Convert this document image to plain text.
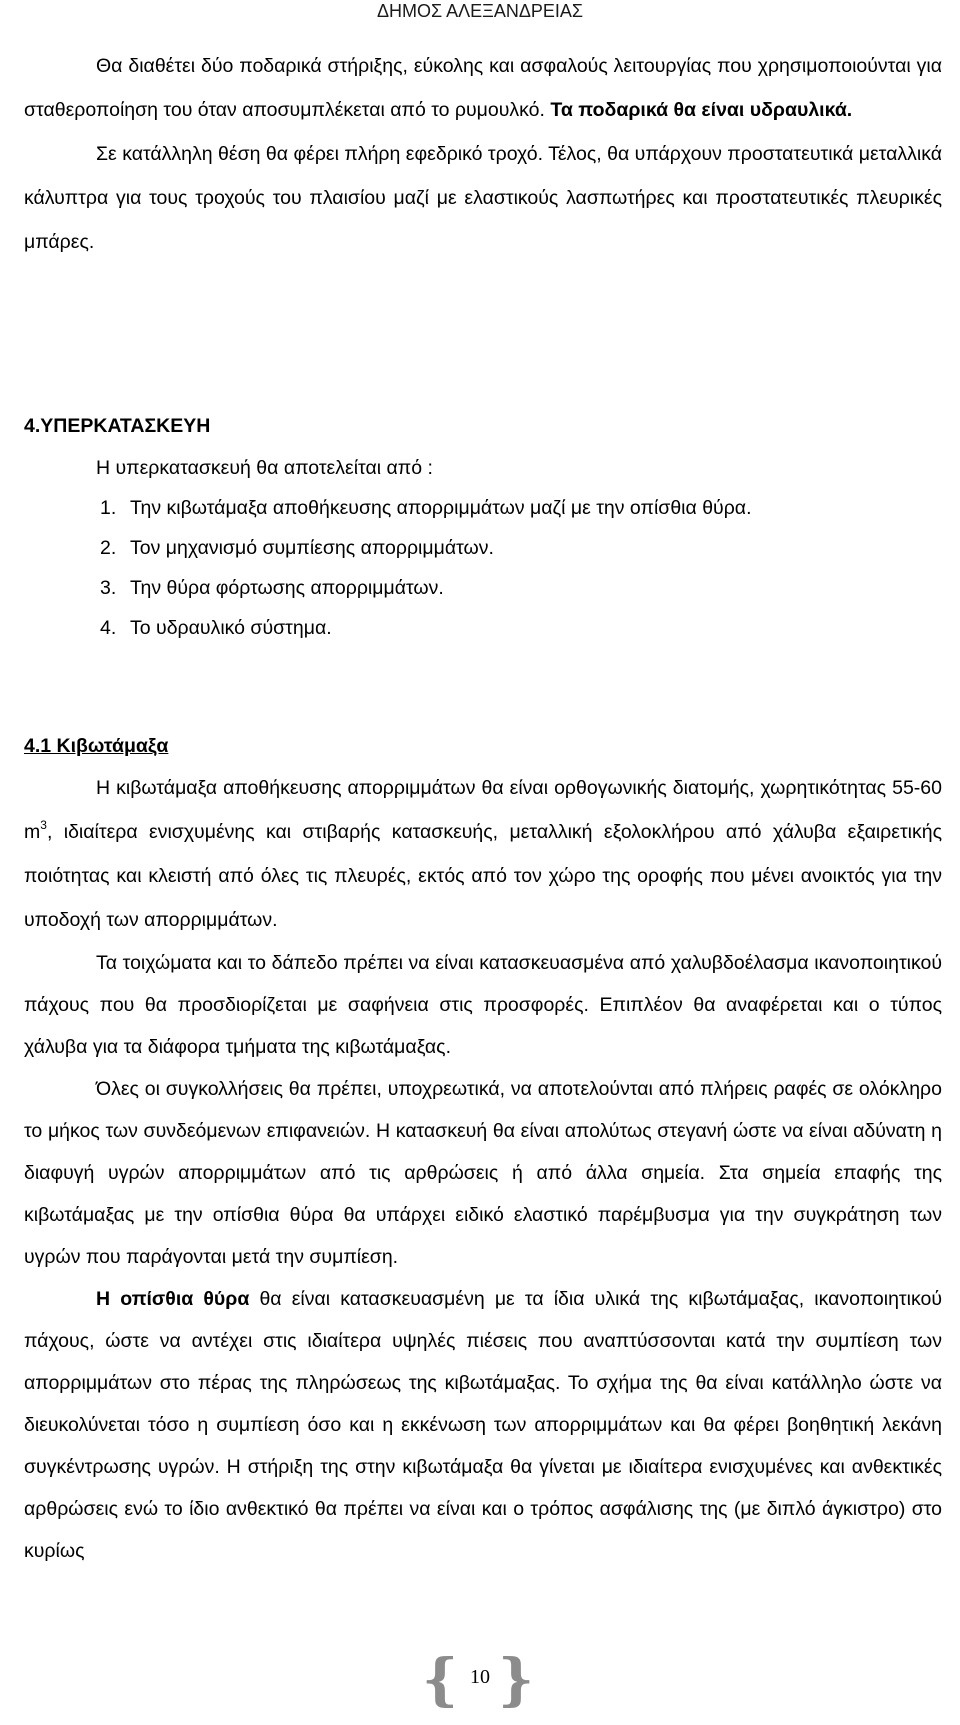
ΔΗΜΟΣ ΑΛΕΞΑΝΔΡΕΙΑΣ

Θα διαθέτει δύο ποδαρικά στήριξης, εύκολης και ασφαλούς λειτουργίας που χρησιμοποιούνται για σταθεροποίηση του όταν αποσυμπλέκεται από το ρυμουλκό. Τα ποδαρικά θα είναι υδραυλικά.

Σε κατάλληλη θέση θα φέρει πλήρη εφεδρικό τροχό. Τέλος, θα υπάρχουν προστατευτικά μεταλλικά κάλυπτρα για τους τροχούς του πλαισίου μαζί με ελαστικούς λασπωτήρες και προστατευτικές πλευρικές μπάρες.

4.ΥΠΕΡΚΑΤΑΣΚΕΥΗ

Η υπερκατασκευή θα αποτελείται από :

1. Την κιβωτάμαξα αποθήκευσης απορριμμάτων μαζί με την οπίσθια θύρα.
2. Τον μηχανισμό συμπίεσης απορριμμάτων.
3. Την θύρα φόρτωσης απορριμμάτων.
4. Το υδραυλικό σύστημα.

4.1 Κιβωτάμαξα

Η κιβωτάμαξα αποθήκευσης απορριμμάτων θα είναι ορθογωνικής διατομής, χωρητικότητας 55-60 $m^3$, ιδιαίτερα ενισχυμένης και στιβαρής κατασκευής, μεταλλική εξολοκλήρου από χάλυβα εξαιρετικής ποιότητας και κλειστή από όλες τις πλευρές, εκτός από τον χώρο της οροφής που μένει ανοικτός για την υποδοχή των απορριμμάτων.

Τα τοιχώματα και το δάπεδο πρέπει να είναι κατασκευασμένα από χαλυβδοέλασμα ικανοποιητικού πάχους που θα προσδιορίζεται με σαφήνεια στις προσφορές. Επιπλέον θα αναφέρεται και ο τύπος χάλυβα για τα διάφορα τμήματα της κιβωτάμαξας.

Όλες οι συγκολλήσεις θα πρέπει, υποχρεωτικά, να αποτελούνται από πλήρεις ραφές σε ολόκληρο το μήκος των συνδεόμενων επιφανειών. Η κατασκευή θα είναι απολύτως στεγανή ώστε να είναι αδύνατη η διαφυγή υγρών απορριμμάτων από τις αρθρώσεις ή από άλλα σημεία. Στα σημεία επαφής της κιβωτάμαξας με την οπίσθια θύρα θα υπάρχει ειδικό ελαστικό παρέμβυσμα για την συγκράτηση των υγρών που παράγονται μετά την συμπίεση.

Η οπίσθια θύρα θα είναι κατασκευασμένη με τα ίδια υλικά της κιβωτάμαξας, ικανοποιητικού πάχους, ώστε να αντέχει στις ιδιαίτερα υψηλές πιέσεις που αναπτύσσονται κατά την συμπίεση των απορριμμάτων στο πέρας της πληρώσεως της κιβωτάμαξας. Το σχήμα της θα είναι κατάλληλο ώστε να διευκολύνεται τόσο η συμπίεση όσο και η εκκένωση των απορριμμάτων και θα φέρει βοηθητική λεκάνη συγκέντρωσης υγρών. Η στήριξη της στην κιβωτάμαξα θα γίνεται με ιδιαίτερα ενισχυμένες και ανθεκτικές αρθρώσεις ενώ το ίδιο ανθεκτικό θα πρέπει να είναι και ο τρόπος ασφάλισης της (με διπλό άγκιστρο) στο κυρίως

{ 10 }
